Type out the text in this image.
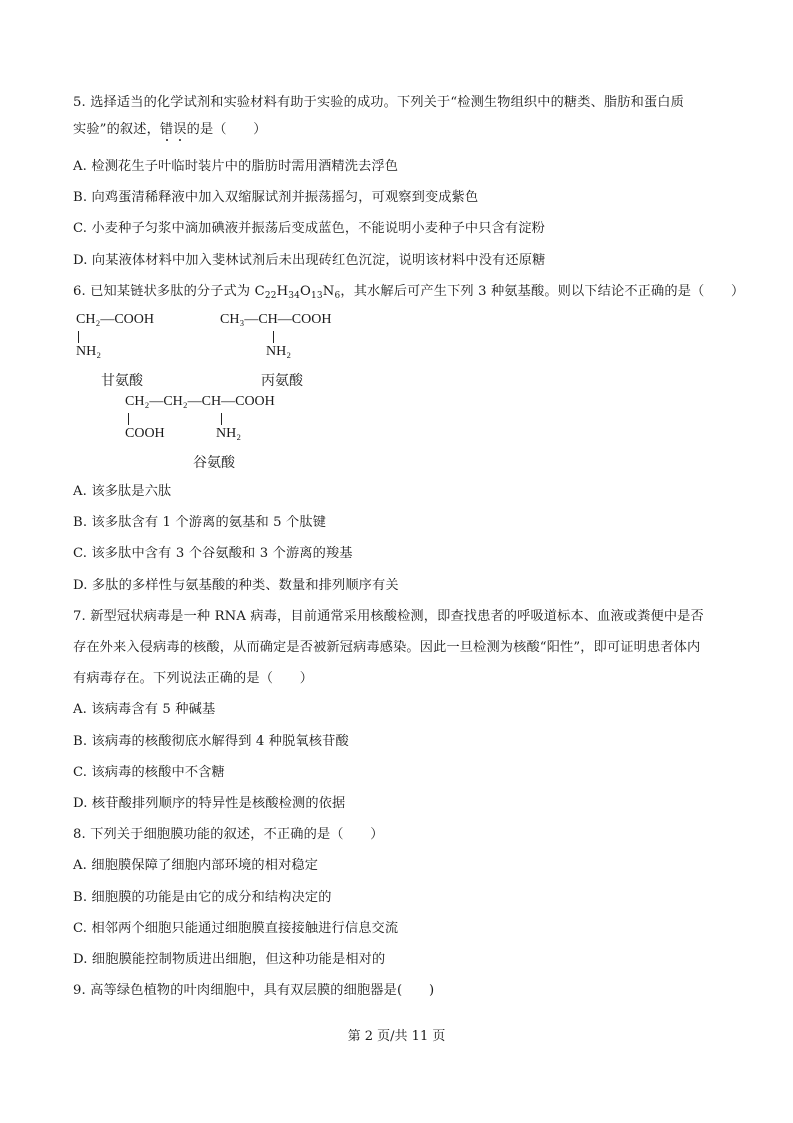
5. 选择适当的化学试剂和实验材料有助于实验的成功。下列关于“检测生物组织中的糖类、脂肪和蛋白质
实验”的叙述，错误的是（　　）
A. 检测花生子叶临时装片中的脂肪时需用酒精洗去浮色
B. 向鸡蛋清稀释液中加入双缩脲试剂并振荡摇匀，可观察到变成紫色
C. 小麦种子匀浆中滴加碘液并振荡后变成蓝色，不能说明小麦种子中只含有淀粉
D. 向某液体材料中加入斐林试剂后未出现砖红色沉淀，说明该材料中没有还原糖
6. 已知某链状多肽的分子式为 $C_{22}H_{34}O_{13}N_6$，其水解后可产生下列 3 种氨基酸。则以下结论不正确的是（　　）
CH₂—COOH
NH₂
甘氨酸
CH₃—CH—COOH
NH₂
丙氨酸
CH₂—CH₂—CH—COOH
COOH	NH₂
谷氨酸
A. 该多肽是六肽
B. 该多肽含有 1 个游离的氨基和 5 个肽键
C. 该多肽中含有 3 个谷氨酸和 3 个游离的羧基
D. 多肽的多样性与氨基酸的种类、数量和排列顺序有关
7. 新型冠状病毒是一种 RNA 病毒，目前通常采用核酸检测，即查找患者的呼吸道标本、血液或粪便中是否
存在外来入侵病毒的核酸，从而确定是否被新冠病毒感染。因此一旦检测为核酸“阳性”，即可证明患者体内
有病毒存在。下列说法正确的是（　　）
A. 该病毒含有 5 种碱基
B. 该病毒的核酸彻底水解得到 4 种脱氧核苷酸
C. 该病毒的核酸中不含糖
D. 核苷酸排列顺序的特异性是核酸检测的依据
8. 下列关于细胞膜功能的叙述，不正确的是（　　）
A. 细胞膜保障了细胞内部环境的相对稳定
B. 细胞膜的功能是由它的成分和结构决定的
C. 相邻两个细胞只能通过细胞膜直接接触进行信息交流
D. 细胞膜能控制物质进出细胞，但这种功能是相对的
9. 高等绿色植物的叶肉细胞中，具有双层膜的细胞器是(　　)
第 2 页/共 11 页
